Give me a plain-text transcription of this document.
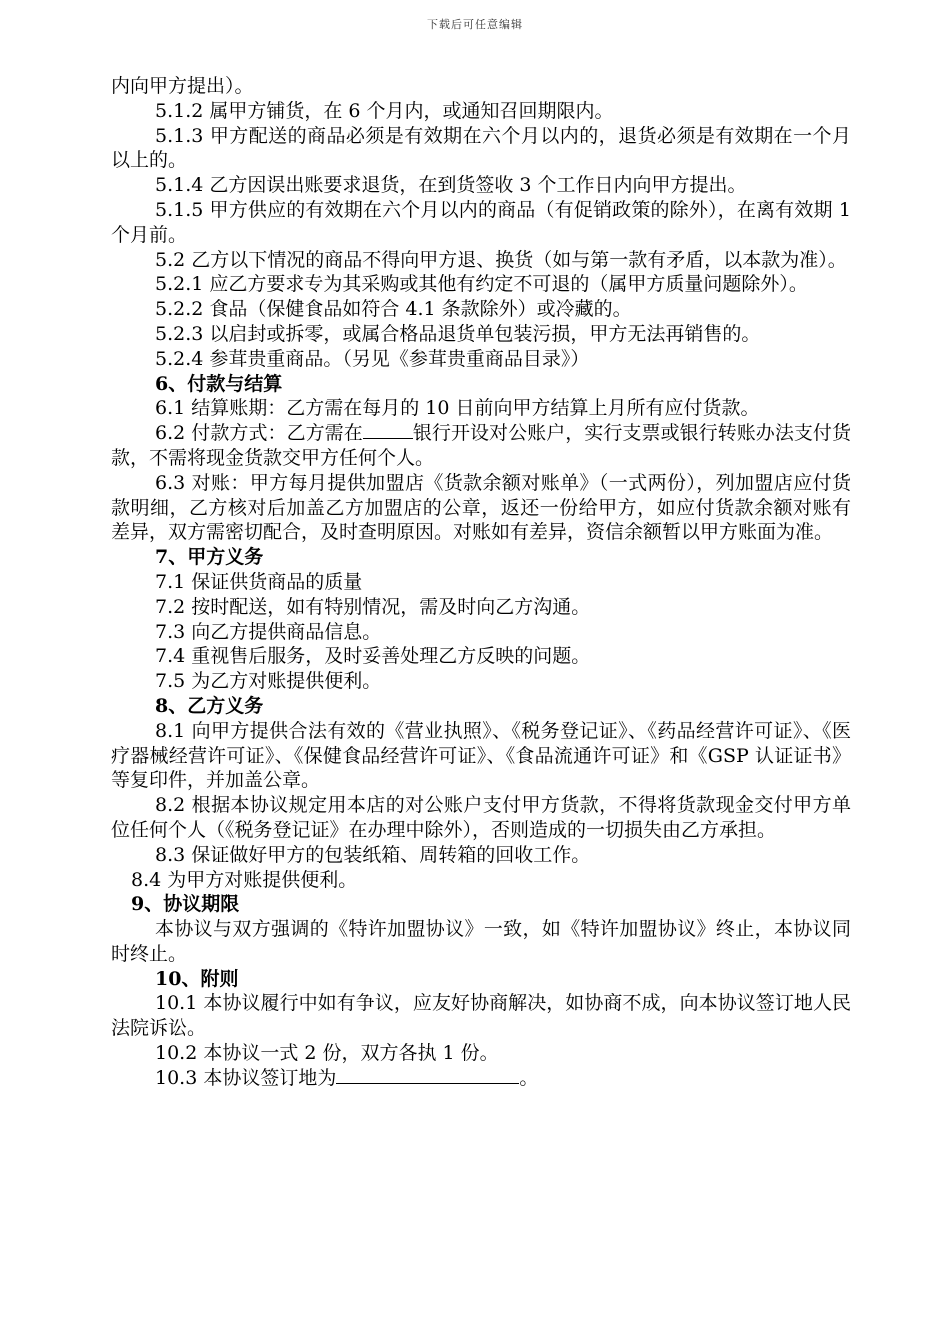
下载后可任意编辑

内向甲方提出）。

5.1.2 属甲方铺货，在 6 个月内，或通知召回期限内。

5.1.3 甲方配送的商品必须是有效期在六个月以内的，退货必须是有效期在一个月以上的。

5.1.4 乙方因误出账要求退货，在到货签收 3 个工作日内向甲方提出。

5.1.5 甲方供应的有效期在六个月以内的商品（有促销政策的除外），在离有效期 1 个月前。

5.2 乙方以下情况的商品不得向甲方退、换货（如与第一款有矛盾，以本款为准）。

5.2.1 应乙方要求专为其采购或其他有约定不可退的（属甲方质量问题除外）。

5.2.2 食品（保健食品如符合 4.1 条款除外）或冷藏的。

5.2.3 以启封或拆零，或属合格品退货单包装污损，甲方无法再销售的。

5.2.4 参茸贵重商品。（另见《参茸贵重商品目录》）

6、付款与结算

6.1 结算账期：乙方需在每月的 10 日前向甲方结算上月所有应付货款。

6.2 付款方式：乙方需在	银行开设对公账户，实行支票或银行转账办法支付货款，不需将现金货款交甲方任何个人。

6.3 对账：甲方每月提供加盟店《货款余额对账单》（一式两份），列加盟店应付货款明细，乙方核对后加盖乙方加盟店的公章，返还一份给甲方，如应付货款余额对账有差异，双方需密切配合，及时查明原因。对账如有差异，资信余额暂以甲方账面为准。

7、甲方义务

7.1 保证供货商品的质量

7.2 按时配送，如有特别情况，需及时向乙方沟通。

7.3 向乙方提供商品信息。

7.4 重视售后服务，及时妥善处理乙方反映的问题。

7.5 为乙方对账提供便利。

8、乙方义务

8.1 向甲方提供合法有效的《营业执照》、《税务登记证》、《药品经营许可证》、《医疗器械经营许可证》、《保健食品经营许可证》、《食品流通许可证》和《GSP 认证证书》等复印件，并加盖公章。

8.2 根据本协议规定用本店的对公账户支付甲方货款，不得将货款现金交付甲方单位任何个人（《税务登记证》在办理中除外），否则造成的一切损失由乙方承担。

8.3 保证做好甲方的包装纸箱、周转箱的回收工作。

8.4 为甲方对账提供便利。

9、协议期限

本协议与双方强调的《特许加盟协议》一致，如《特许加盟协议》终止，本协议同时终止。

10、附则

10.1 本协议履行中如有争议，应友好协商解决，如协商不成，向本协议签订地人民法院诉讼。

10.2 本协议一式 2 份，双方各执 1 份。

10.3 本协议签订地为	。
